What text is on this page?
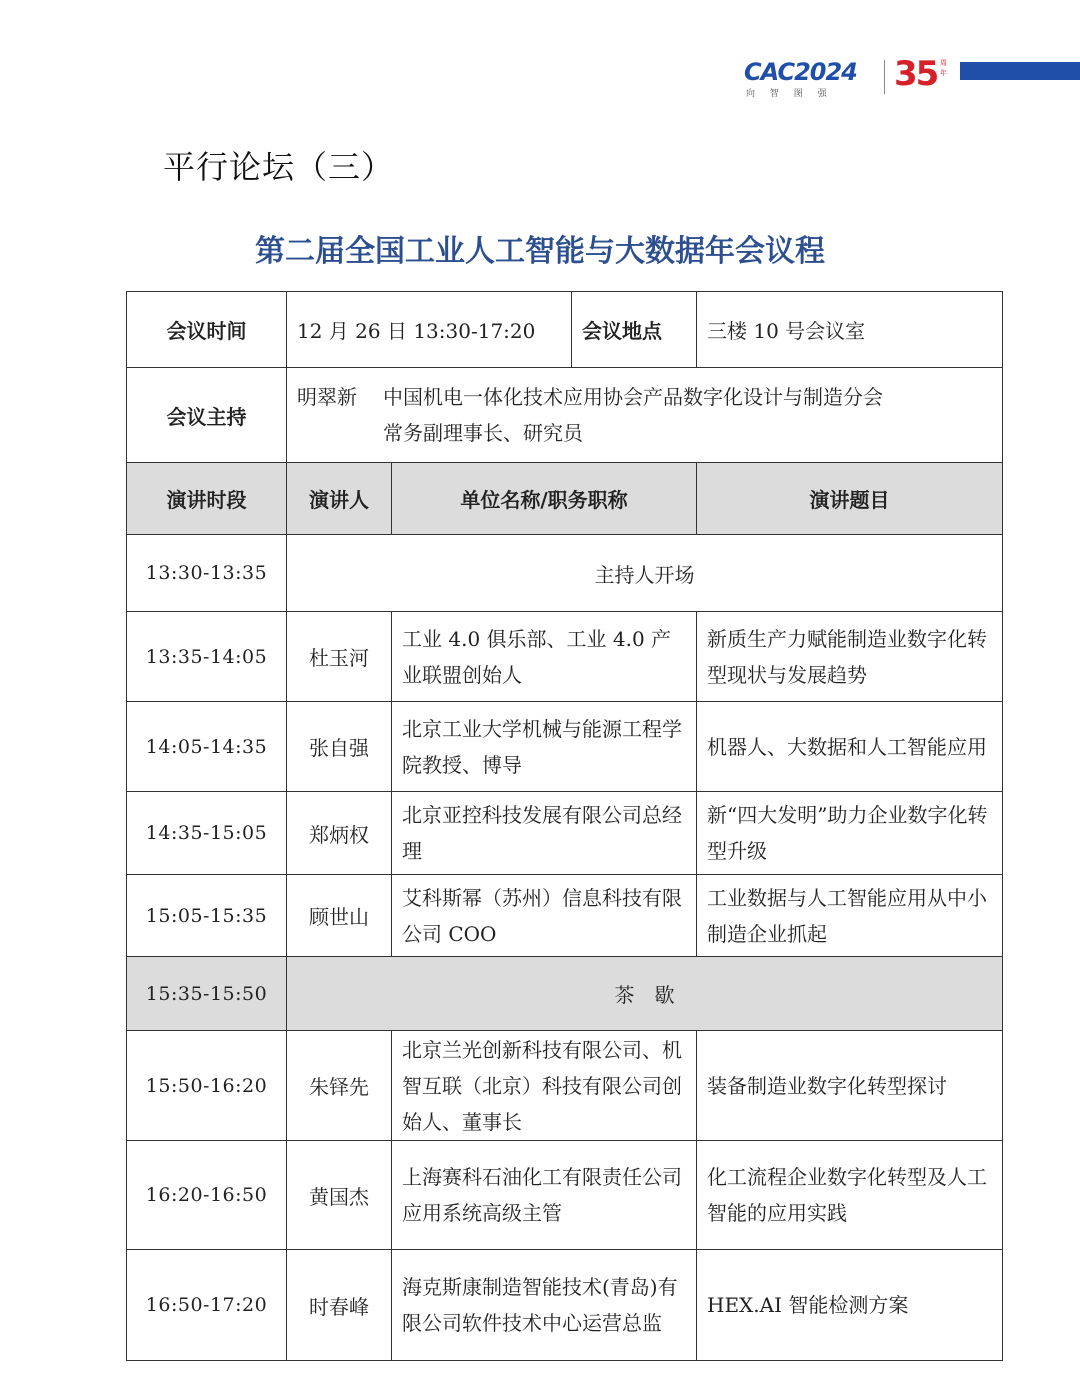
CAC2024
向 智 图 强 35 周年
平行论坛（三）
第二届全国工业人工智能与大数据年会议程
会议时间	12 月 26 日 13:30-17:20		会议地点	三楼 10 号会议室
会议主持	明翠新 中国机电一体化技术应用协会产品数字化设计与制造分会
常务副理事长、研究员			
演讲时段	演讲人	单位名称/职务职称		演讲题目
13:30-13:35	主持人开场			
13:35-14:05	杜玉河	工业 4.0 俱乐部、工业 4.0 产业联盟创始人		新质生产力赋能制造业数字化转型现状与发展趋势
14:05-14:35	张自强	北京工业大学机械与能源工程学院教授、博导		机器人、大数据和人工智能应用
14:35-15:05	郑炳权	北京亚控科技发展有限公司总经理		新“四大发明”助力企业数字化转型升级
15:05-15:35	顾世山	艾科斯幂（苏州）信息科技有限公司 COO		工业数据与人工智能应用从中小制造企业抓起
15:35-15:50	茶　歇			
15:50-16:20	朱铎先	北京兰光创新科技有限公司、机智互联（北京）科技有限公司创始人、董事长		装备制造业数字化转型探讨
16:20-16:50	黄国杰	上海赛科石油化工有限责任公司应用系统高级主管		化工流程企业数字化转型及人工智能的应用实践
16:50-17:20	时春峰	海克斯康制造智能技术(青岛)有限公司软件技术中心运营总监		HEX.AI 智能检测方案
